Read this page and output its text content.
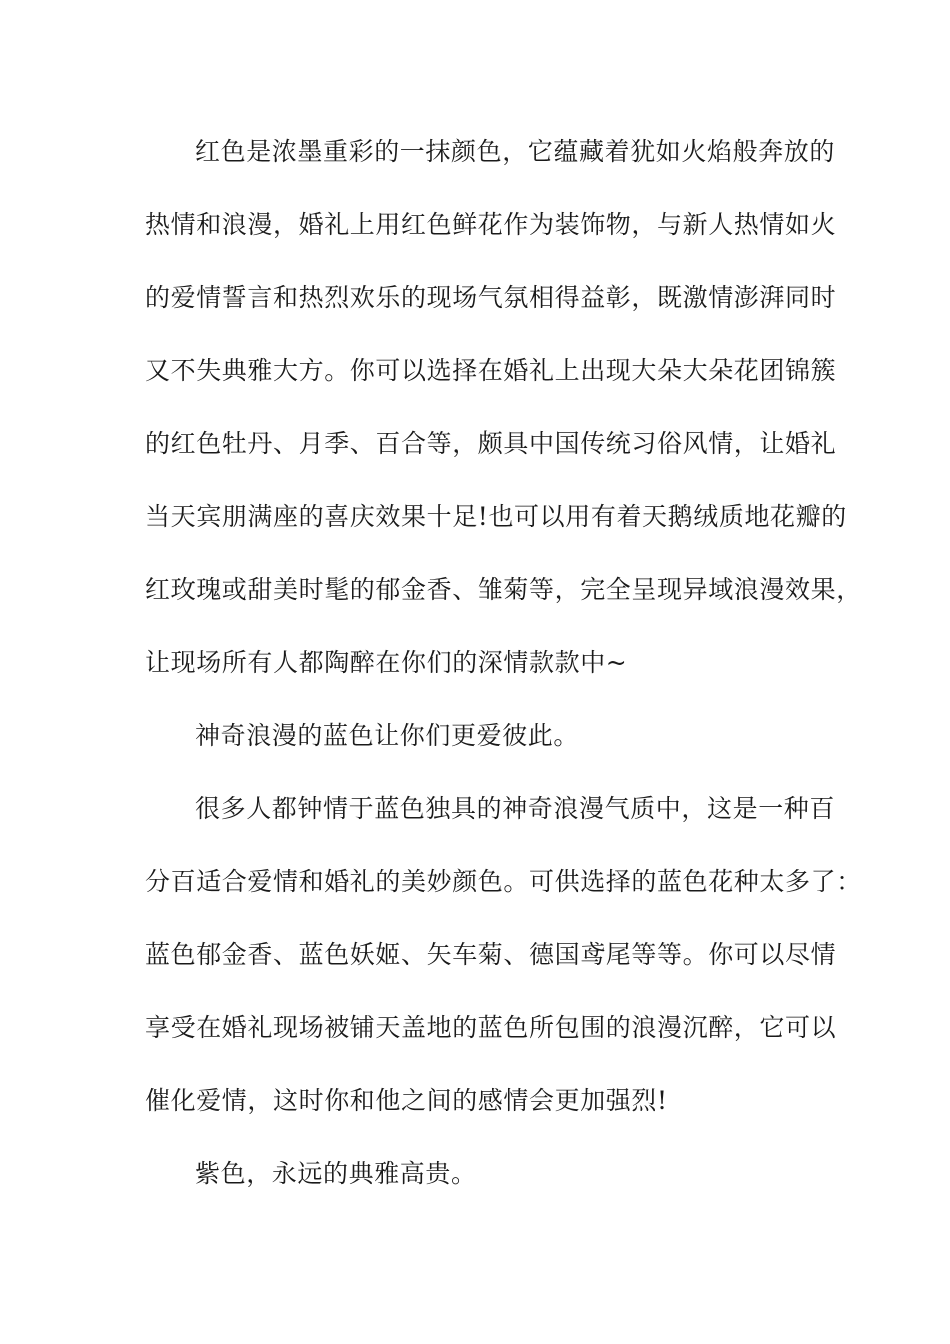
红色是浓墨重彩的一抹颜色，它蕴藏着犹如火焰般奔放的
热情和浪漫，婚礼上用红色鲜花作为装饰物，与新人热情如火
的爱情誓言和热烈欢乐的现场气氛相得益彰，既激情澎湃同时
又不失典雅大方。你可以选择在婚礼上出现大朵大朵花团锦簇
的红色牡丹、月季、百合等，颇具中国传统习俗风情，让婚礼
当天宾朋满座的喜庆效果十足!也可以用有着天鹅绒质地花瓣的
红玫瑰或甜美时髦的郁金香、雏菊等，完全呈现异域浪漫效果，
让现场所有人都陶醉在你们的深情款款中~
神奇浪漫的蓝色让你们更爱彼此。
很多人都钟情于蓝色独具的神奇浪漫气质中，这是一种百
分百适合爱情和婚礼的美妙颜色。可供选择的蓝色花种太多了：
蓝色郁金香、蓝色妖姬、矢车菊、德国鸢尾等等。你可以尽情
享受在婚礼现场被铺天盖地的蓝色所包围的浪漫沉醉，它可以
催化爱情，这时你和他之间的感情会更加强烈!
紫色，永远的典雅高贵。
